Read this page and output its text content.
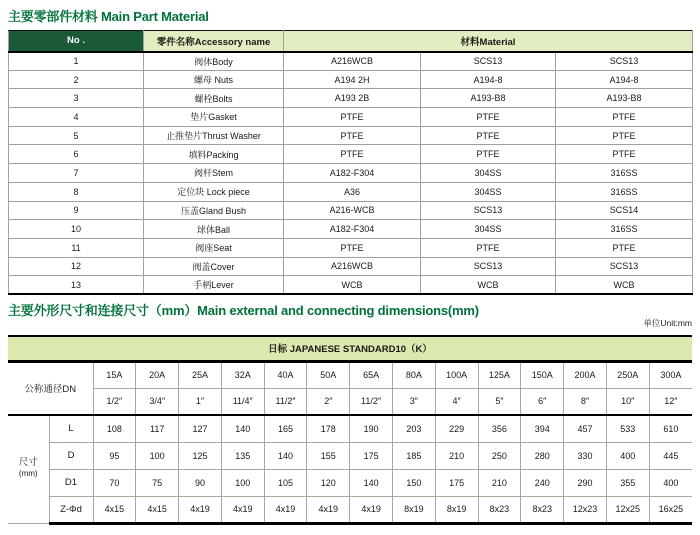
主要零部件材料 Main Part Material
No .	零件名称Accessory name	材料Material		
1	阀体Body	A216WCB	SCS13	SCS13
2	螺母 Nuts	A194 2H	A194-8	A194-8
3	螺栓Bolts	A193 2B	A193-B8	A193-B8
4	垫片Gasket	PTFE	PTFE	PTFE
5	止推垫片Thrust Washer	PTFE	PTFE	PTFE
6	填料Packing	PTFE	PTFE	PTFE
7	阀杆Stem	A182-F304	304SS	316SS
8	定位块 Lock piece	A36	304SS	316SS
9	压盖Gland Bush	A216-WCB	SCS13	SCS14
10	球体Ball	A182-F304	304SS	316SS
11	阀座Seat	PTFE	PTFE	PTFE
12	阀盖Cover	A216WCB	SCS13	SCS13
13	手柄Lever	WCB	WCB	WCB
主要外形尺寸和连接尺寸（mm）Main external and connecting dimensions(mm)
单位Unit:mm
日标 JAPANESE STANDARD10（K）															
公称通径DN		15A	20A	25A	32A	40A	50A	65A	80A	100A	125A	150A	200A	250A	300A
		1/2″	3/4″	1″	11/4″	11/2″	2″	11/2″	3″	4″	5″	6″	8″	10″	12″

尺寸
(mm)	L	108	117	127	140	165	178	190	203	229	356	394	457	533	610
	D	95	100	125	135	140	155	175	185	210	250	280	330	400	445
	D1	70	75	90	100	105	120	140	150	175	210	240	290	355	400
	Z-Φd	4x15	4x15	4x19	4x19	4x19	4x19	4x19	8x19	8x19	8x23	8x23	12x23	12x25	16x25
